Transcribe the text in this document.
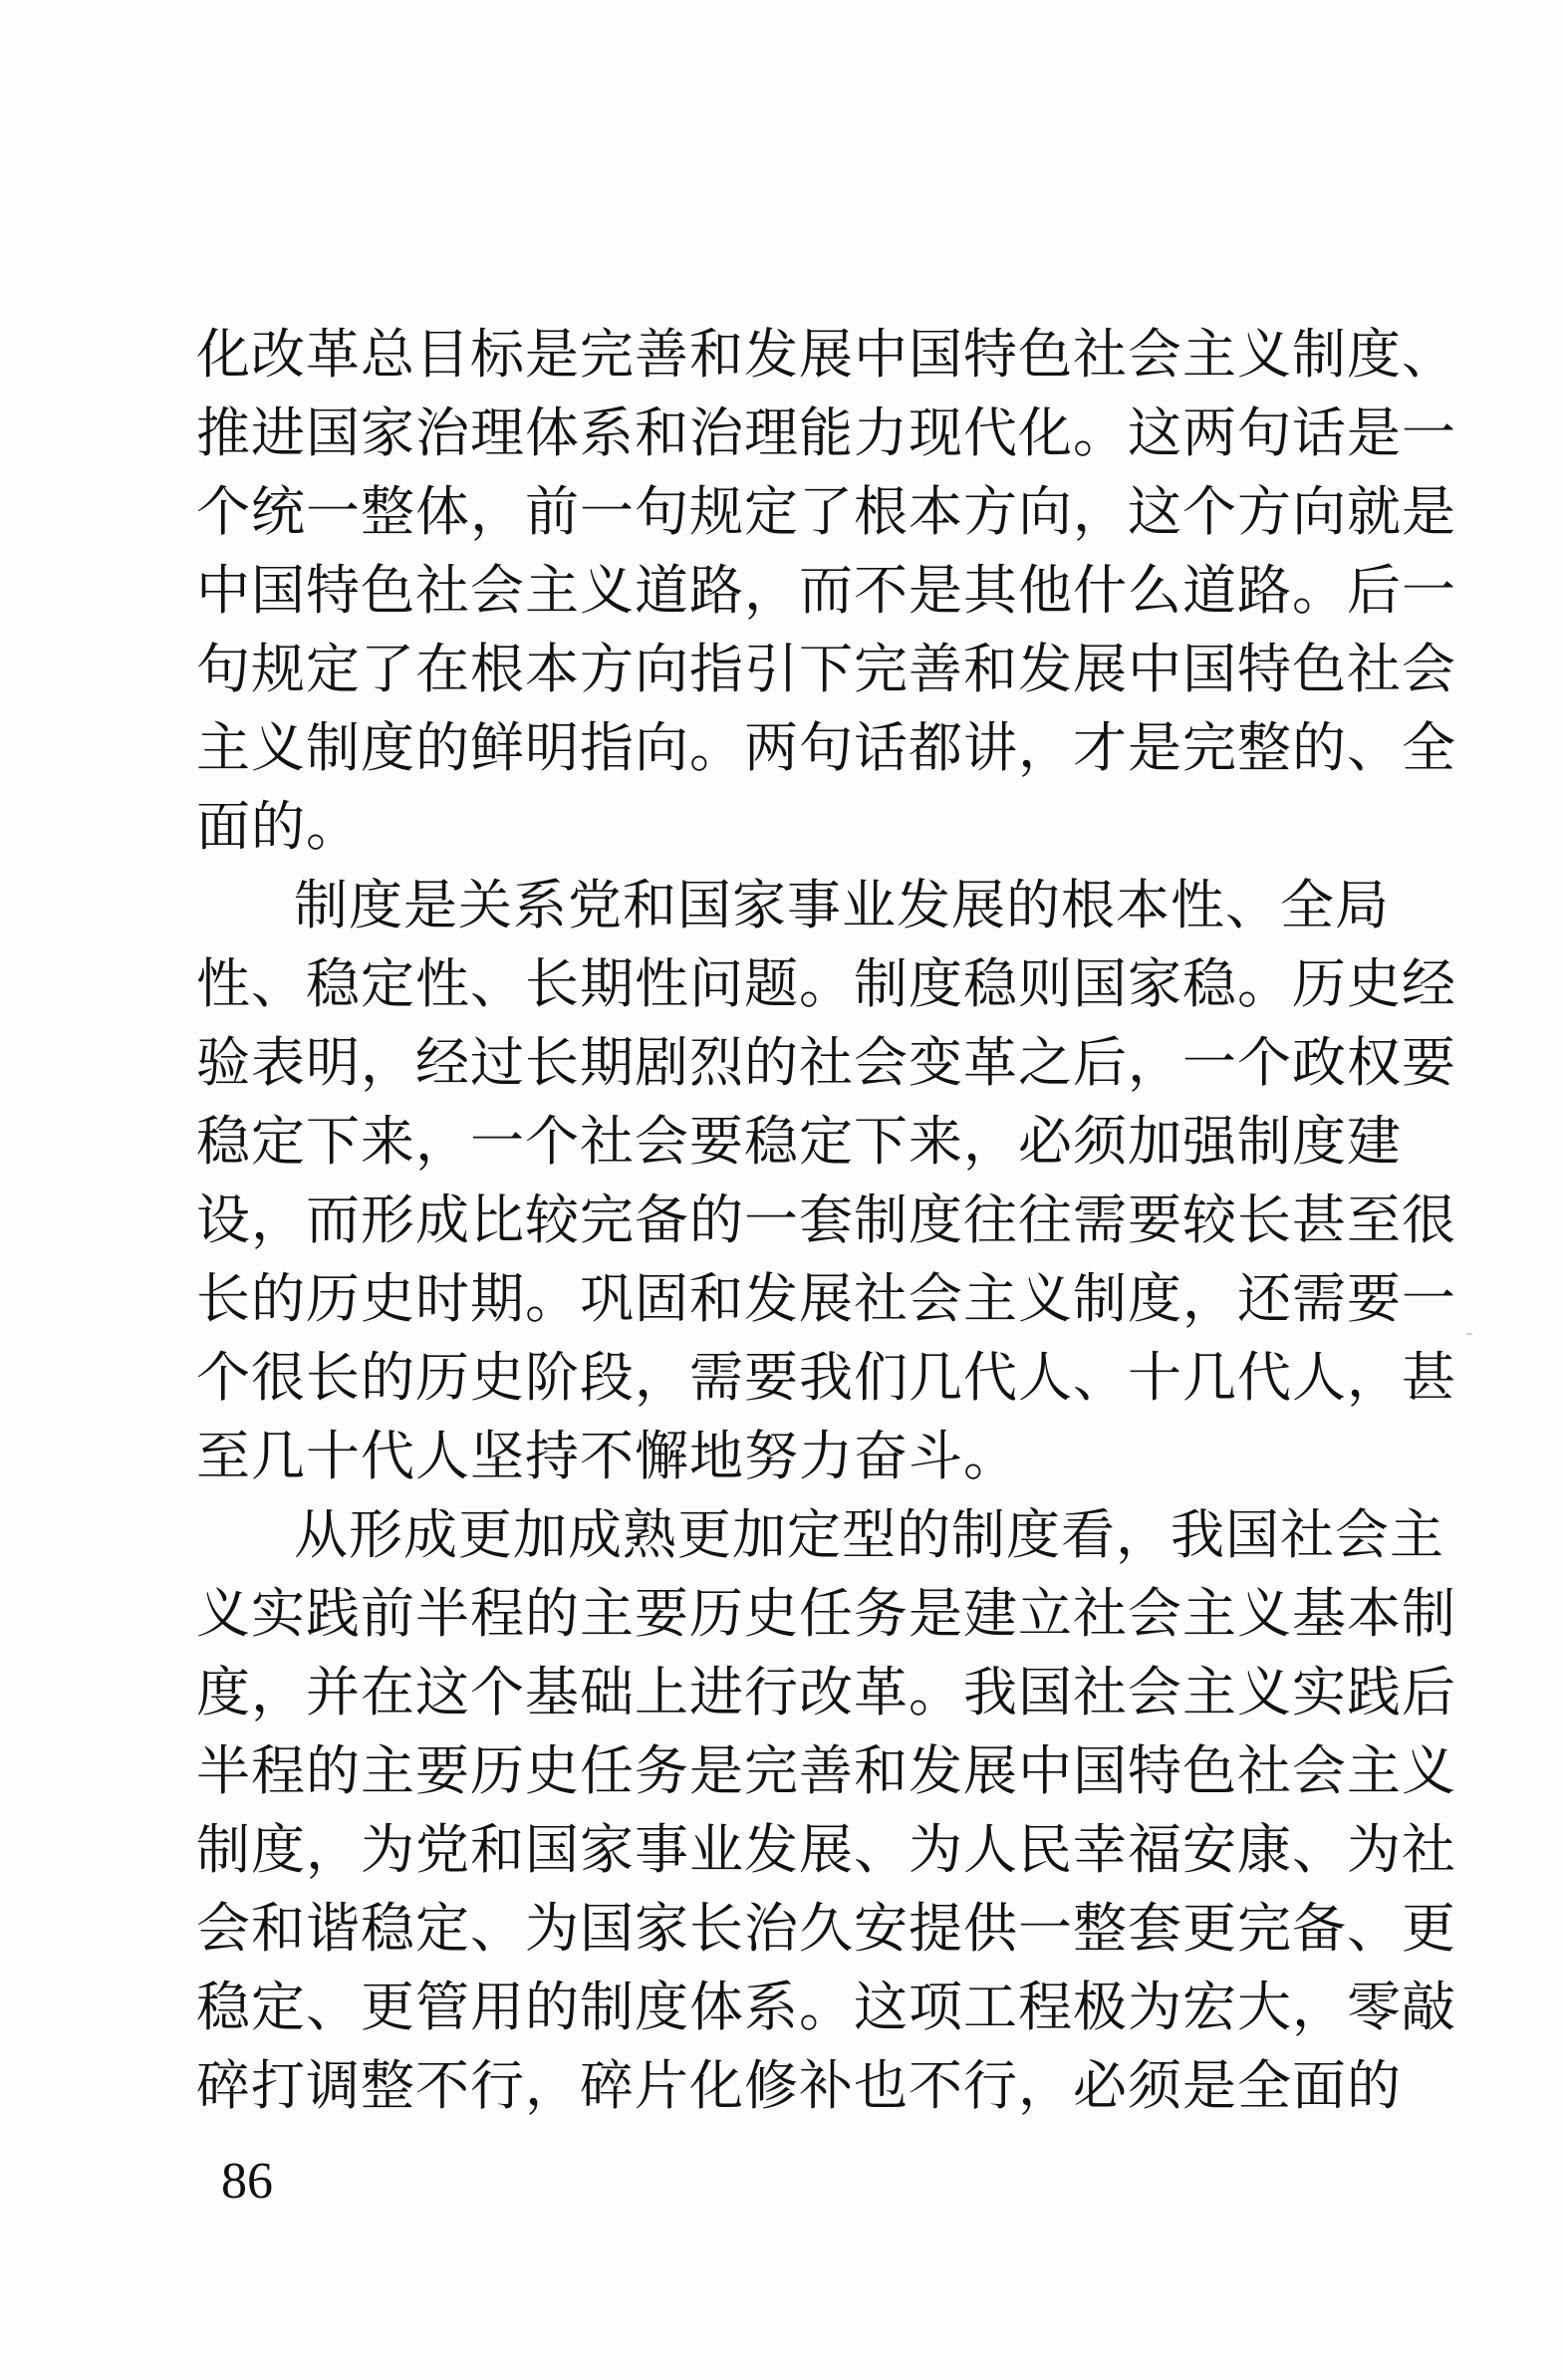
化改革总目标是完善和发展中国特色社会主义制度、
推进国家治理体系和治理能力现代化。这两句话是一
个统一整体，前一句规定了根本方向，这个方向就是
中国特色社会主义道路，而不是其他什么道路。后一
句规定了在根本方向指引下完善和发展中国特色社会
主义制度的鲜明指向。两句话都讲，才是完整的、全
面的。
制度是关系党和国家事业发展的根本性、全局
性、稳定性、长期性问题。制度稳则国家稳。历史经
验表明，经过长期剧烈的社会变革之后，一个政权要
稳定下来，一个社会要稳定下来，必须加强制度建
设，而形成比较完备的一套制度往往需要较长甚至很
长的历史时期。巩固和发展社会主义制度，还需要一
个很长的历史阶段，需要我们几代人、十几代人，甚
至几十代人坚持不懈地努力奋斗。
从形成更加成熟更加定型的制度看，我国社会主
义实践前半程的主要历史任务是建立社会主义基本制
度，并在这个基础上进行改革。我国社会主义实践后
半程的主要历史任务是完善和发展中国特色社会主义
制度，为党和国家事业发展、为人民幸福安康、为社
会和谐稳定、为国家长治久安提供一整套更完备、更
稳定、更管用的制度体系。这项工程极为宏大，零敲
碎打调整不行，碎片化修补也不行，必须是全面的
86
